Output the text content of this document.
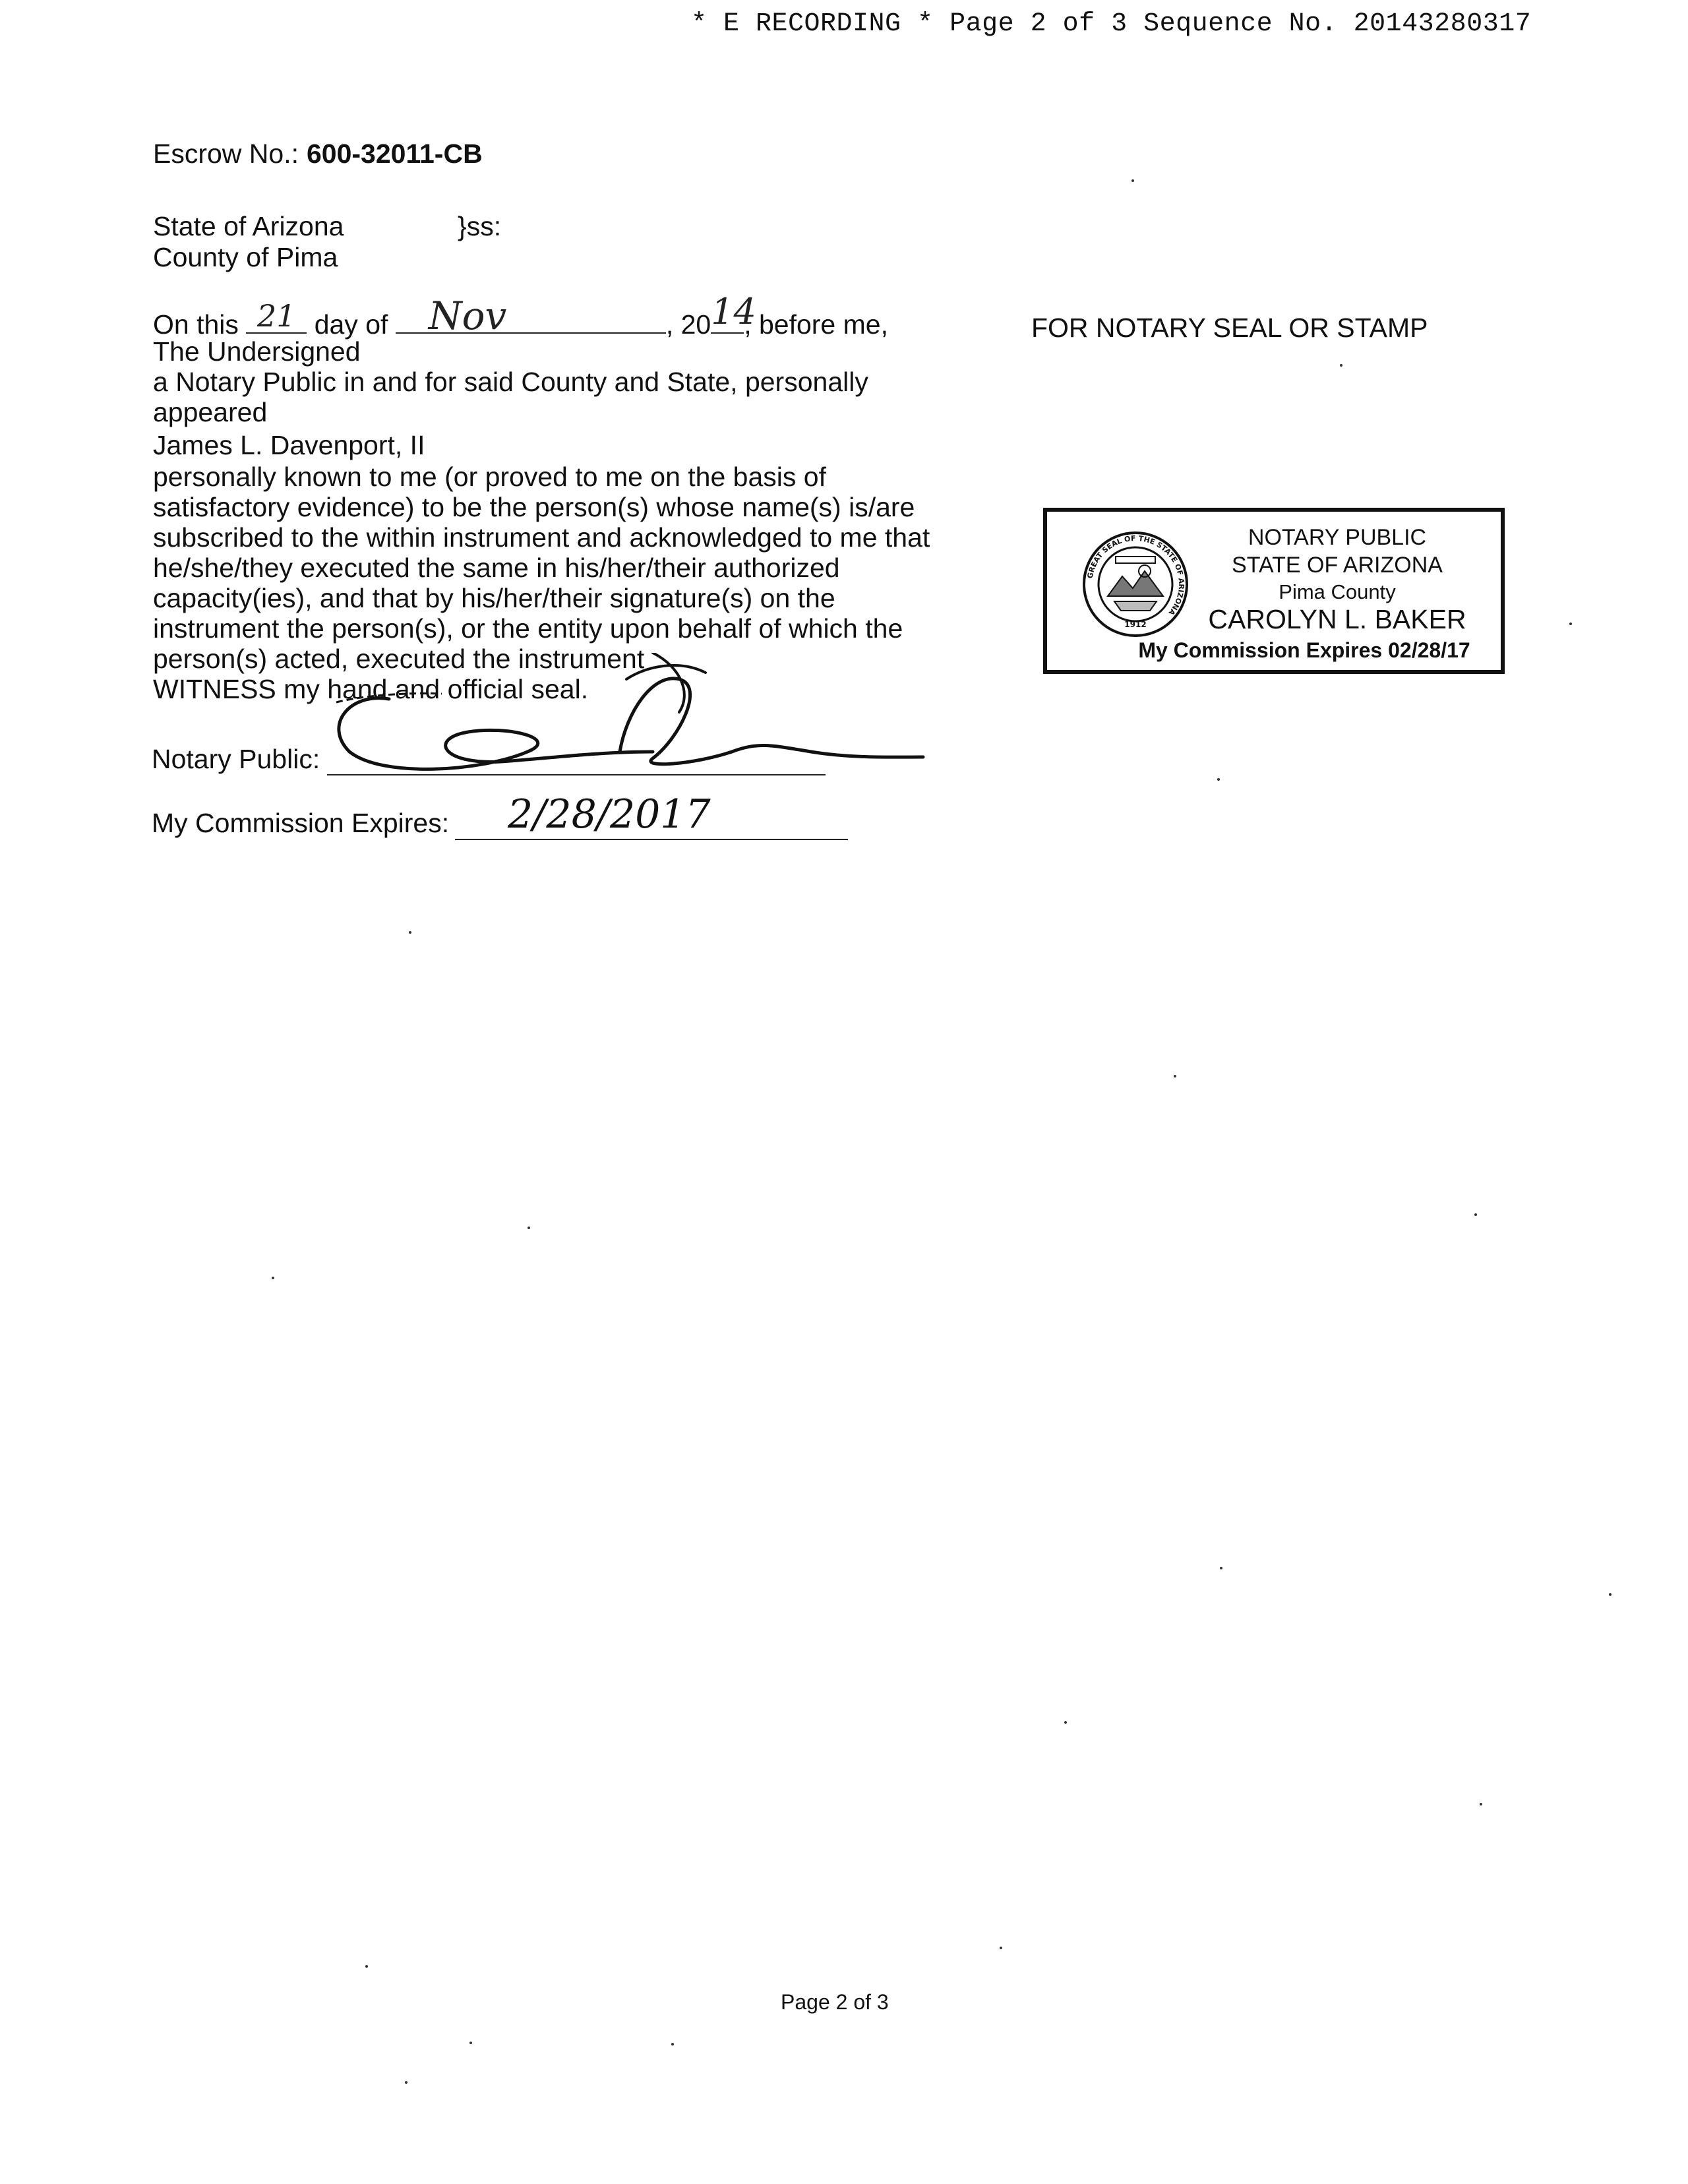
* E RECORDING * Page 2 of 3 Sequence No. 20143280317
Escrow No.: 600-32011-CB
State of Arizona
County of Pima
}ss:
On this 21 day of Nov	, 20 14
, before me,
The Undersigned
a Notary Public in and for said County and State, personally
appeared
James L. Davenport, II
personally known to me (or proved to me on the basis of
satisfactory evidence) to be the person(s) whose name(s) is/are
subscribed to the within instrument and acknowledged to me that
he/she/they executed the same in his/her/their authorized
capacity(ies), and that by his/her/their signature(s) on the
instrument the person(s), or the entity upon behalf of which the
person(s) acted, executed the instrument
WITNESS my hand and official seal.
Notary Public:
My Commission Expires: 2/28/2017
FOR NOTARY SEAL OR STAMP
GREAT SEAL OF THE STATE OF ARIZONA
1912
NOTARY PUBLIC
STATE OF ARIZONA
Pima County
CAROLYN L. BAKER
My Commission Expires 02/28/17
Page 2 of 3
